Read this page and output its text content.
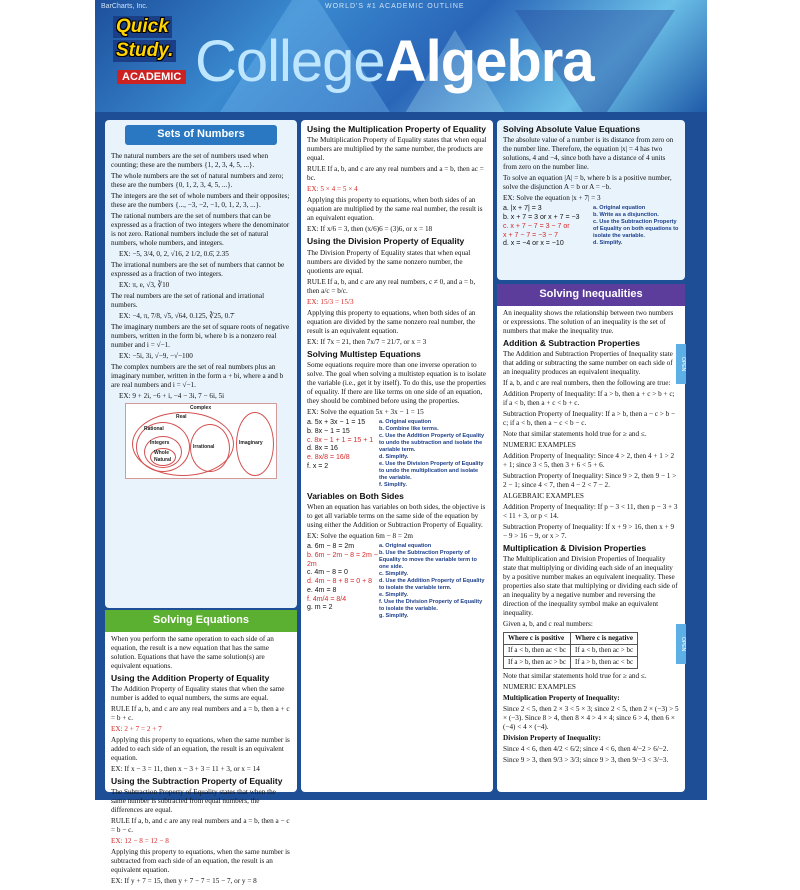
BarCharts, Inc.	WORLD'S #1 ACADEMIC OUTLINE
Quick
Study.
ACADEMIC CollegeAlgebra
Sets of Numbers

The natural numbers are the set of numbers used when counting; these are the numbers {1, 2, 3, 4, 5, ...}.

The whole numbers are the set of natural numbers and zero; these are the numbers {0, 1, 2, 3, 4, 5, ...}.

The integers are the set of whole numbers and their opposites; these are the numbers {..., −3, −2, −1, 0, 1, 2, 3, ...}.

The rational numbers are the set of numbers that can be expressed as a fraction of two integers where the denominator is not zero. Rational numbers include the set of natural numbers, whole numbers, and integers.

EX: −5, 3/4, 0, 2, √16, 2 1/2, 0.6̄, 2.35

The irrational numbers are the set of numbers that cannot be expressed as a fraction of two integers.

EX: π, e, √3, ∛10

The real numbers are the set of rational and irrational numbers.

EX: −4, π, 7/8, √5, √64, 0.125, ∛25, 0.7̄

The imaginary numbers are the set of square roots of negative numbers, written in the form bi, where b is a nonzero real number and i = √−1.

EX: −5i, 3i, √−9, −√−100

The complex numbers are the set of real numbers plus an imaginary number, written in the form a + bi, where a and b are real numbers and i = √−1.

EX: 9 + 2i, −6 + i, −4 − 3i, 7 − 6i, 5i

Complex
Real
Rational
Integers
Whole
Natural
Irrational
Imaginary
Solving Equations

When you perform the same operation to each side of an equation, the result is a new equation that has the same solution. Equations that have the same solution(s) are equivalent equations.

Using the Addition Property of Equality

The Addition Property of Equality states that when the same number is added to equal numbers, the sums are equal.

RULE If a, b, and c are any real numbers and a = b, then a + c = b + c.

EX: 2 + 7 = 2 + 7

Applying this property to equations, when the same number is added to each side of an equation, the result is an equivalent equation.

EX: If x − 3 = 11, then x − 3 + 3 = 11 + 3, or x = 14

Using the Subtraction Property of Equality

The Subtraction Property of Equality states that when the same number is subtracted from equal numbers, the differences are equal.

RULE If a, b, and c are any real numbers and a = b, then a − c = b − c.

EX: 12 − 8 = 12 − 8

Applying this property to equations, when the same number is subtracted from each side of an equation, the result is an equivalent equation.

EX: If y + 7 = 15, then y + 7 − 7 = 15 − 7, or y = 8

Using the Multiplication Property of Equality

The Multiplication Property of Equality states that when equal numbers are multiplied by the same number, the products are equal.

RULE If a, b, and c are any real numbers and a = b, then ac = bc.

EX: 5 × 4 = 5 × 4

Applying this property to equations, when both sides of an equation are multiplied by the same real number, the result is an equivalent equation.

EX: If x/6 = 3, then (x/6)6 = (3)6, or x = 18

Using the Division Property of Equality

The Division Property of Equality states that when equal numbers are divided by the same nonzero number, the quotients are equal.

RULE If a, b, and c are any real numbers, c ≠ 0, and a = b, then a/c = b/c.

EX: 15/3 = 15/3

Applying this property to equations, when both sides of an equation are divided by the same nonzero real number, the result is an equivalent equation.

EX: If 7x = 21, then 7x/7 = 21/7, or x = 3

Solving Multistep Equations

Some equations require more than one inverse operation to solve. The goal when solving a multistep equation is to isolate the variable (i.e., get it by itself). To do this, use the properties of equality. If there are like terms on one side of an equation, they should be combined before using the properties.

EX: Solve the equation 5x + 3x − 1 = 15

a. 5x + 3x − 1 = 15
b. 8x − 1 = 15
c. 8x − 1 + 1 = 15 + 1
d. 8x = 16
e. 8x/8 = 16/8
f. x = 2
a. Original equation
b. Combine like terms.
c. Use the Addition Property of Equality to undo the subtraction and isolate the variable term.
d. Simplify.
e. Use the Division Property of Equality to undo the multiplication and isolate the variable.
f. Simplify.
Variables on Both Sides

When an equation has variables on both sides, the objective is to get all variable terms on the same side of the equation by using either the Addition or Subtraction Property of Equality.

EX: Solve the equation 6m − 8 = 2m

a. 6m − 8 = 2m
b. 6m − 2m − 8 = 2m − 2m
c. 4m − 8 = 0
d. 4m − 8 + 8 = 0 + 8
e. 4m = 8
f. 4m/4 = 8/4
g. m = 2
a. Original equation
b. Use the Subtraction Property of Equality to move the variable term to one side.
c. Simplify.
d. Use the Addition Property of Equality to isolate the variable term.
e. Simplify.
f. Use the Division Property of Equality to isolate the variable.
g. Simplify.
Solving Absolute Value Equations

The absolute value of a number is its distance from zero on the number line. Therefore, the equation |x| = 4 has two solutions, 4 and −4, since both have a distance of 4 units from zero on the number line.

To solve an equation |A| = b, where b is a positive number, solve the disjunction A = b or A = −b.

EX: Solve the equation |x + 7| = 3

a. |x + 7| = 3
b. x + 7 = 3 or x + 7 = −3
c. x + 7 − 7 = 3 − 7 or
x + 7 − 7 = −3 − 7
d. x = −4 or x = −10
a. Original equation
b. Write as a disjunction.
c. Use the Subtraction Property of Equality on both equations to isolate the variable.
d. Simplify.
Solving Inequalities

An inequality shows the relationship between two numbers or expressions. The solution of an inequality is the set of numbers that make the inequality true.

Addition & Subtraction Properties

The Addition and Subtraction Properties of Inequality state that adding or subtracting the same number on each side of an inequality produces an equivalent inequality.

If a, b, and c are real numbers, then the following are true:

Addition Property of Inequality: If a > b, then a + c > b + c; if a < b, then a + c < b + c.

Subtraction Property of Inequality: If a > b, then a − c > b − c; if a < b, then a − c < b − c.

Note that similar statements hold true for ≥ and ≤.

NUMERIC EXAMPLES

Addition Property of Inequality: Since 4 > 2, then 4 + 1 > 2 + 1; since 3 < 5, then 3 + 6 < 5 + 6.

Subtraction Property of Inequality: Since 9 > 2, then 9 − 1 > 2 − 1; since 4 < 7, then 4 − 2 < 7 − 2.

ALGEBRAIC EXAMPLES

Addition Property of Inequality: If p − 3 < 11, then p − 3 + 3 < 11 + 3, or p < 14.

Subtraction Property of Inequality: If x + 9 > 16, then x + 9 − 9 > 16 − 9, or x > 7.

Multiplication & Division Properties

The Multiplication and Division Properties of Inequality state that multiplying or dividing each side of an inequality by a positive number makes an equivalent inequality. These properties also state that multiplying or dividing each side of an inequality by a negative number and reversing the direction of the inequality symbol make an equivalent inequality.

Given a, b, and c real numbers:

Where c is positive	Where c is negative
If a < b, then ac < bc	If a < b, then ac > bc
If a > b, then ac > bc	If a > b, then ac < bc

Note that similar statements hold true for ≥ and ≤.

NUMERIC EXAMPLES

Multiplication Property of Inequality:

Since 2 < 5, then 2 × 3 < 5 × 3; since 2 < 5, then 2 × (−3) > 5 × (−3). Since 8 > 4, then 8 × 4 > 4 × 4; since 6 > 4, then 6 × (−4) < 4 × (−4).

Division Property of Inequality:

Since 4 < 6, then 4/2 < 6/2; since 4 < 6, then 4/−2 > 6/−2.

Since 9 > 3, then 9/3 > 3/3; since 9 > 3, then 9/−3 < 3/−3.

OPEN
OPEN
